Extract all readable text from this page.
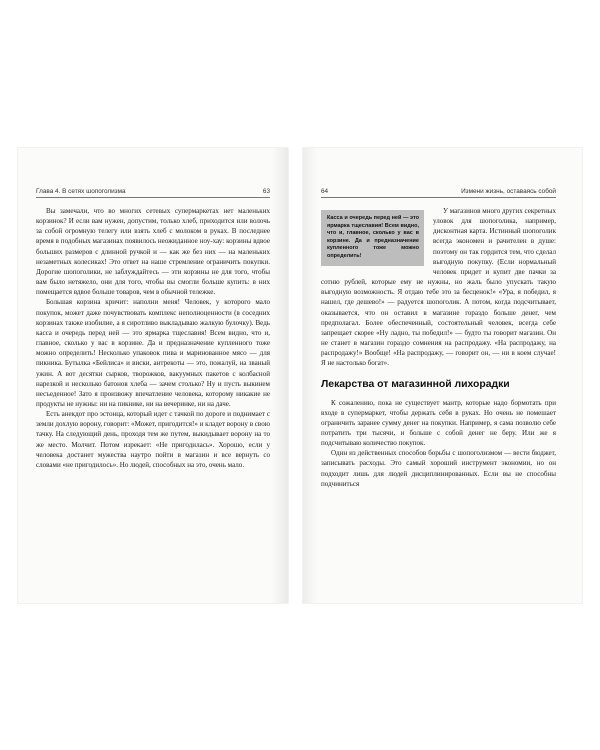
Глава 4. В сетях шопоголизма	63

Вы замечали, что во многих сетевых супермаркетах нет маленьких корзинок? И если вам нужен, допустим, только хлеб, приходится или волочь за собой огромную телегу или взять хлеб с молоком в руках. В последнее время в подобных магазинах появилось неожиданное ноу-хау: корзины вдвое больших размеров с длинной ручкой и — как же без них — на маленьких незаметных колесиках! Это ответ на наше стремление ограничить покупки. Дорогие шопоголики, не заблуждайтесь — эти корзины не для того, чтобы вам было нетяжело, они для того, чтобы вы смогли больше купить: в них помещается вдвое больше товаров, чем в обычной тележке.

Большая корзина кричит: наполни меня! Человек, у которого мало покупок, может даже почувствовать комплекс неполноценности (в соседних корзинах также изобилие, а я сиротливо выкладываю жалкую булочку). Ведь касса и очередь перед ней — это ярмарка тщеславия! Всем видно, что и, главное, сколько у вас в корзине. Да и предназначение купленного тоже можно определить! Несколько упаковок пива и маринованное мясо — для пикника. Бутылка «Бейлиса» и виски, антрекоты — это, пожалуй, на званый ужин. А вот десятки сырков, творожков, вакуумных пакетов с колбасной нарезкой и несколько батонов хлеба — зачем столько? Ну и пусть выкинем несъеденное! Зато я произвожу впечатление человека, которому никакие не продукты не нужны: ни на пикнике, ни на вечеринке, ни на даче.

Есть анекдот про эстонца, который идет с тачкой по дороге и поднимает с земли дохлую ворону, говорит: «Может, пригодится!» и кладет ворону в свою тачку. На следующий день, проходя тем же путем, выкидывает ворону на то же место. Молчит. Потом изрекает: «Не пригодилась». Хорошо, если у человека достанет мужества наутро пойти в магазин и все вернуть со словами «не пригодилось». Но людей, способных на это, очень мало.

64	Измени жизнь, оставаясь собой
Касса и очередь перед ней — это ярмарка тщеславия! Всем видно, что и, главное, сколько у вас в корзине. Да и предназначение купленного тоже можно определить!

У магазинов много других секретных уловок для шопоголика, например, дисконтная карта. Истинный шопоголик всегда экономен и рачителен в душе: поэтому он так гордится тем, что сделал выгодную покупку. (Если нормальный человек придет и купит две пачки за сотню рублей, которые ему не нужны, но жаль было упускать такую выгодную возможность. Я отдаю тебе это за бесценок!» «Ура, я победил, я нашел, где дешево!» — радуется шопоголик. А потом, когда подсчитывает, оказывается, что он оставил в магазине гораздо больше денег, чем предполагал. Более обеспеченный, состоятельный человек, всегда себе запрещает скорее «Ну ладно, ты победил!» — будто ты говорит магазин. Он не станет в магазин гораздо сомнения на распродажу. «На распродажу, на распродажу!» Вообще! «На распродажу, — говорит он, — ни в коем случае! Я не настолько богат».

Лекарства от магазинной лихорадки

К сожалению, пока не существует мантр, которые надо бормотать при входе в супермаркет, чтобы держать себя в руках. Но очень не помешает ограничить заранее сумму денег на покупки. Например, я сама позволю себе потратить три тысячи, и больше с собой денег не беру. Или же я подсчитываю количество покупок.

Один из действенных способов борьбы с шопоголизмом — вести бюджет, записывать расходы. Это самый хороший инструмент экономии, но он подходит лишь для людей дисциплинированных. Если вы не способны подчиниться
